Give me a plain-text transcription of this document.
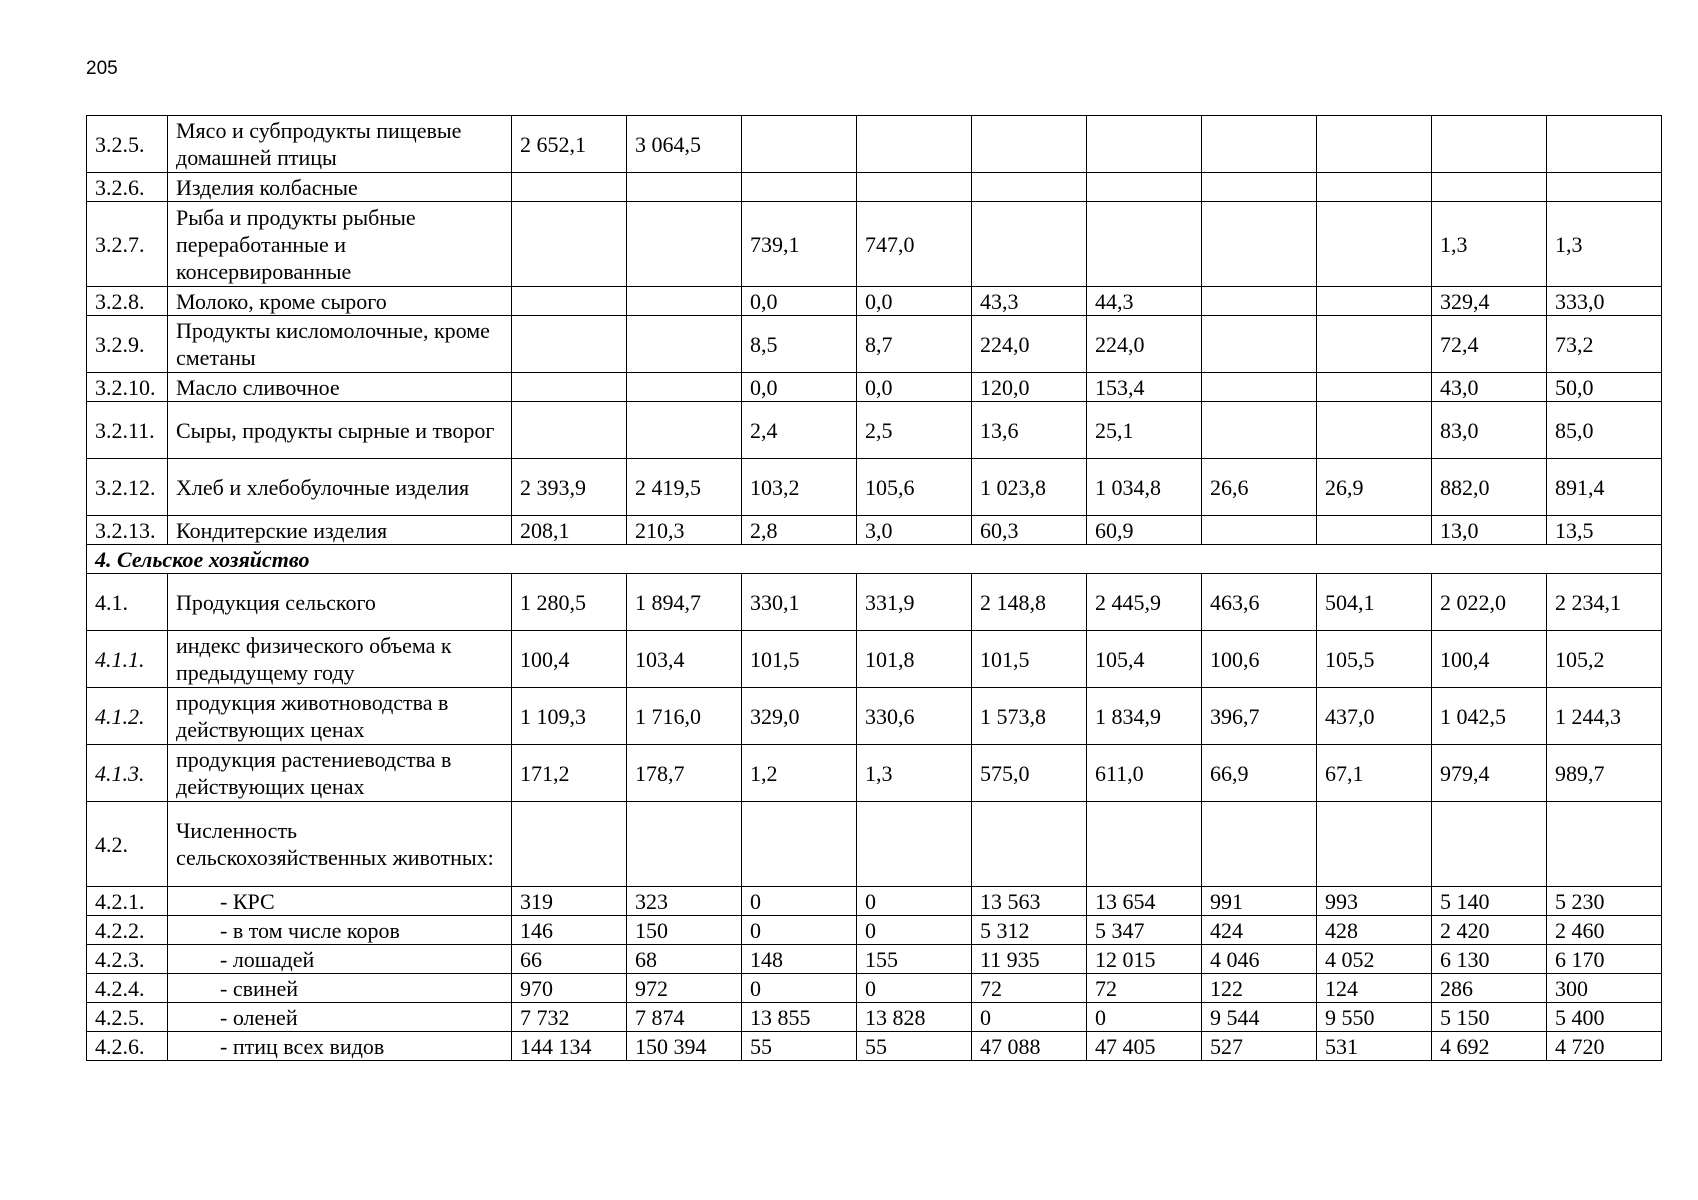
205
3.2.5.	Мясо и субпродукты пищевые домашней птицы	2 652,1	3 064,5								
3.2.6.	Изделия колбасные										
3.2.7.	Рыба и продукты рыбные переработанные и консервированные			739,1	747,0					1,3	1,3
3.2.8.	Молоко, кроме сырого			0,0	0,0	43,3	44,3			329,4	333,0
3.2.9.	Продукты кисломолочные, кроме сметаны			8,5	8,7	224,0	224,0			72,4	73,2
3.2.10.	Масло сливочное			0,0	0,0	120,0	153,4			43,0	50,0
3.2.11.	Сыры, продукты сырные и творог			2,4	2,5	13,6	25,1			83,0	85,0
3.2.12.	Хлеб и хлебобулочные изделия	2 393,9	2 419,5	103,2	105,6	1 023,8	1 034,8	26,6	26,9	882,0	891,4
3.2.13.	Кондитерские изделия	208,1	210,3	2,8	3,0	60,3	60,9			13,0	13,5
4. Сельское хозяйство											
4.1.	Продукция сельского	1 280,5	1 894,7	330,1	331,9	2 148,8	2 445,9	463,6	504,1	2 022,0	2 234,1
4.1.1.	индекс физического объема к предыдущему году	100,4	103,4	101,5	101,8	101,5	105,4	100,6	105,5	100,4	105,2
4.1.2.	продукция животноводства в действующих ценах	1 109,3	1 716,0	329,0	330,6	1 573,8	1 834,9	396,7	437,0	1 042,5	1 244,3
4.1.3.	продукция растениеводства в действующих ценах	171,2	178,7	1,2	1,3	575,0	611,0	66,9	67,1	979,4	989,7
4.2.	Численность сельскохозяйственных животных:										
4.2.1.	- КРС	319	323	0	0	13 563	13 654	991	993	5 140	5 230
4.2.2.	- в том числе коров	146	150	0	0	5 312	5 347	424	428	2 420	2 460
4.2.3.	- лошадей	66	68	148	155	11 935	12 015	4 046	4 052	6 130	6 170
4.2.4.	- свиней	970	972	0	0	72	72	122	124	286	300
4.2.5.	- оленей	7 732	7 874	13 855	13 828	0	0	9 544	9 550	5 150	5 400
4.2.6.	- птиц всех видов	144 134	150 394	55	55	47 088	47 405	527	531	4 692	4 720
